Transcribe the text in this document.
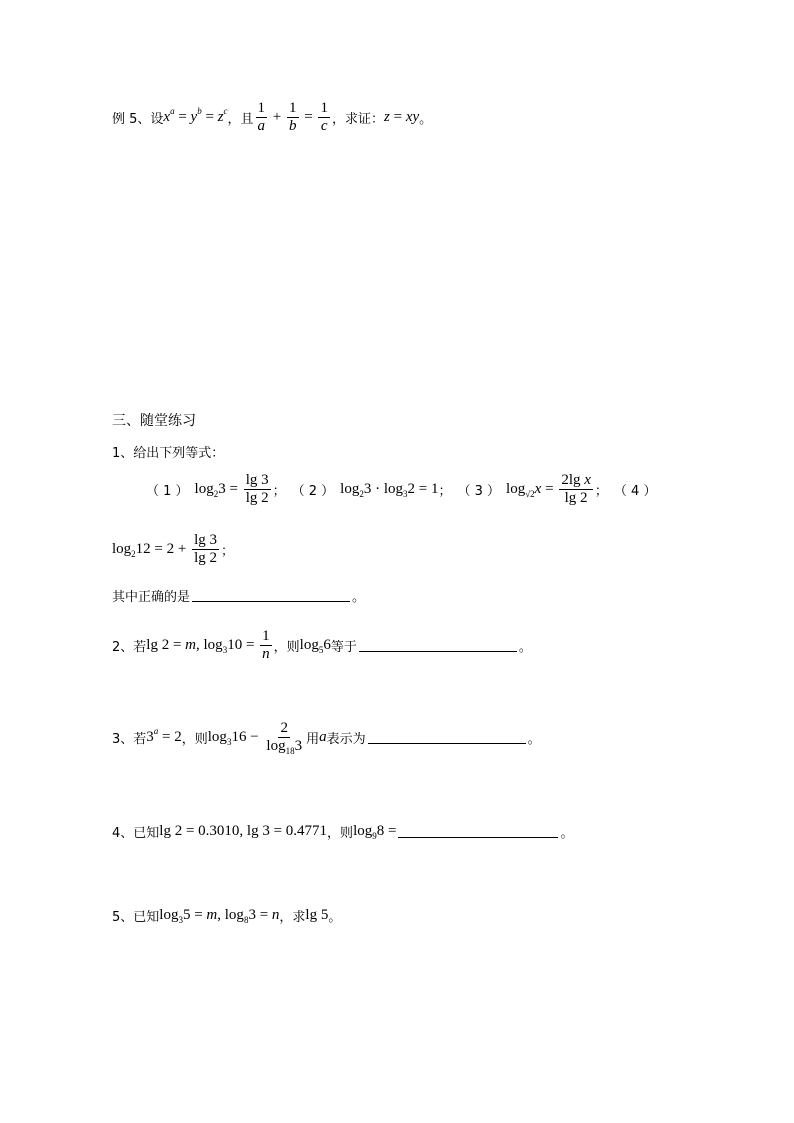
例 5、设 $x^a = y^b = z^c$
，且 $\frac{1}{a} + \frac{1}{b} = \frac{1}{c}$ ，求证： z = xy 。
三、随堂练习
1、给出下列等式：
（ 1 ） $\log_23 = \frac{\lg 3}{\lg 2}$ ； （ 2 ） $\log_23 \cdot \log_32 = 1$ ； （ 3 ） $\log_{√2}x = \frac{\text{2lg x}}{\lg 2}$ ； （ 4 ）
$\log_212 = 2 + \frac{\lg 3}{\lg 2}$ ；
其中正确的是	。
2、若 lg 2 = m, $\log_310 = \frac{1}{n}$ ，则 $\log_56$ 等于	。
3、若 $3^a = 2$ ，则 $\log_316 - \frac{2}{\log_{18}3}$ 用 a 表示为	。
4、已知 lg 2 = 0.3010, lg 3 = 0.4771 ，则 $\log_98$ =	。
5、已知 $\log_35 = m$, $\log_83 = n$ ，求 lg 5 。
